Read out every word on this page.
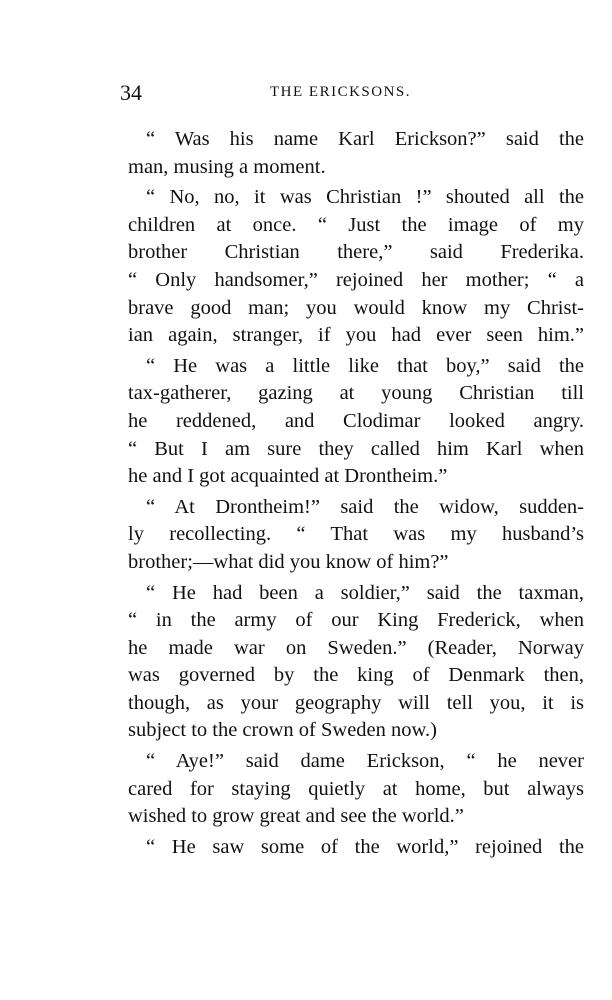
34	THE ERICKSONS.

“ Was his name Karl Erickson?” said the
man, musing a moment.

“ No, no, it was Christian !” shouted all the
children at once. “ Just the image of my
brother Christian there,” said Frederika.
“ Only handsomer,” rejoined her mother; “ a
brave good man; you would know my Christ-
ian again, stranger, if you had ever seen him.”

“ He was a little like that boy,” said the
tax-gatherer, gazing at young Christian till
he reddened, and Clodimar looked angry.
“ But I am sure they called him Karl when
he and I got acquainted at Drontheim.”

“ At Drontheim!” said the widow, sudden-
ly recollecting. “ That was my husband’s
brother;—what did you know of him?”

“ He had been a soldier,” said the taxman,
“ in the army of our King Frederick, when
he made war on Sweden.” (Reader, Norway
was governed by the king of Denmark then,
though, as your geography will tell you, it is
subject to the crown of Sweden now.)

“ Aye!” said dame Erickson, “ he never
cared for staying quietly at home, but always
wished to grow great and see the world.”

“ He saw some of the world,” rejoined the
